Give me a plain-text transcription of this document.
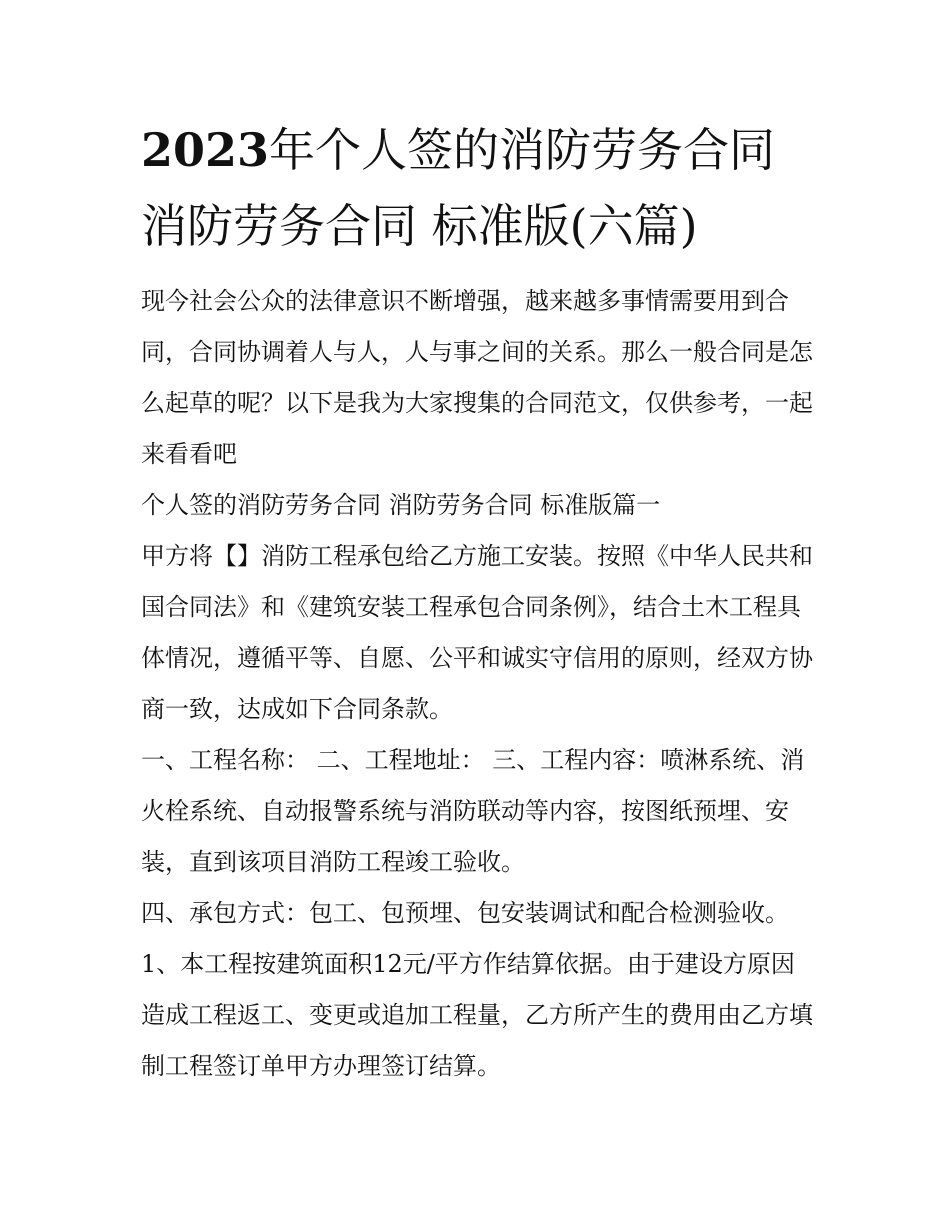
2023年个人签的消防劳务合同
消防劳务合同 标准版(六篇)

现今社会公众的法律意识不断增强，越来越多事情需要用到合同，合同协调着人与人，人与事之间的关系。那么一般合同是怎么起草的呢？以下是我为大家搜集的合同范文，仅供参考，一起来看看吧

个人签的消防劳务合同 消防劳务合同 标准版篇一

甲方将【】消防工程承包给乙方施工安装。按照《中华人民共和国合同法》和《建筑安装工程承包合同条例》，结合土木工程具体情况，遵循平等、自愿、公平和诚实守信用的原则，经双方协商一致，达成如下合同条款。

一、工程名称： 二、工程地址： 三、工程内容：喷淋系统、消火栓系统、自动报警系统与消防联动等内容，按图纸预埋、安装，直到该项目消防工程竣工验收。

四、承包方式：包工、包预埋、包安装调试和配合检测验收。

1、本工程按建筑面积12元/平方作结算依据。由于建设方原因造成工程返工、变更或追加工程量，乙方所产生的费用由乙方填制工程签订单甲方办理签订结算。
